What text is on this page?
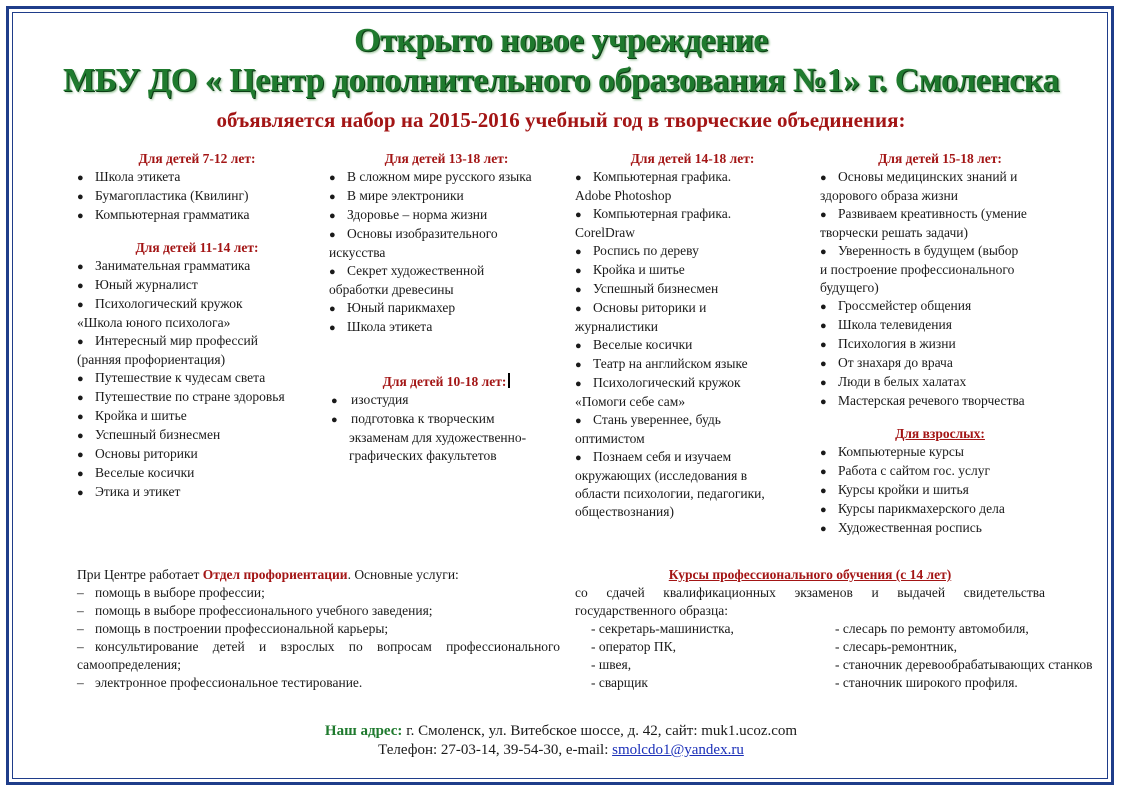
Открыто новое учреждение
МБУ ДО « Центр дополнительного образования №1» г. Смоленска
объявляется набор на 2015-2016 учебный год в творческие объединения:
Для детей 7-12 лет:
● Школа этикета
● Бумагопластика (Квилинг)
● Компьютерная грамматика
Для детей 11-14 лет:
● Занимательная грамматика
● Юный журналист
● Психологический кружок
«Школа юного психолога»
● Интересный мир профессий
(ранняя профориентация)
● Путешествие к чудесам света
● Путешествие по стране здоровья
● Кройка и шитье
● Успешный бизнесмен
● Основы риторики
● Веселые косички
● Этика и этикет
Для детей 13-18 лет:
● В сложном мире русского языка
● В мире электроники
● Здоровье – норма жизни
● Основы изобразительного
искусства
● Секрет художественной
обработки древесины
● Юный парикмахер
● Школа этикета
Для детей 10-18 лет:
● изостудия
● подготовка к творческим
экзаменам для художественно-
графических факультетов
Для детей 14-18 лет:
● Компьютерная графика.
Adobe Photoshop
● Компьютерная графика.
CorelDraw
● Роспись по дереву
● Кройка и шитье
● Успешный бизнесмен
● Основы риторики и
журналистики
● Веселые косички
● Театр на английском языке
● Психологический кружок
«Помоги себе сам»
● Стань увереннее, будь
оптимистом
● Познаем себя и изучаем
окружающих (исследования в
области психологии, педагогики,
обществознания)
Для детей 15-18 лет:
● Основы медицинских знаний и
здорового образа жизни
● Развиваем креативность (умение
творчески решать задачи)
● Уверенность в будущем (выбор
и построение профессионального
будущего)
● Гроссмейстер общения
● Школа телевидения
● Психология в жизни
● От знахаря до врача
● Люди в белых халатах
● Мастерская речевого творчества
Для взрослых:
● Компьютерные курсы
● Работа с сайтом гос. услуг
● Курсы кройки и шитья
● Курсы парикмахерского дела
● Художественная роспись
При Центре работает Отдел профориентации. Основные услуги:
– помощь в выборе профессии;
– помощь в выборе профессионального учебного заведения;
– помощь в построении профессиональной карьеры;
– консультирование детей и взрослых по вопросам профессионального
самоопределения;
– электронное профессиональное тестирование.
Курсы профессионального обучения (с 14 лет)
со сдачей квалификационных экзаменов и выдачей свидетельства
государственного образца:
- секретарь-машинистка,
- оператор ПК,
- швея,
- сварщик
- слесарь по ремонту автомобиля,
- слесарь-ремонтник,
- станочник деревообрабатывающих станков
- станочник широкого профиля.
Наш адрес: г. Смоленск, ул. Витебское шоссе, д. 42, сайт: muk1.ucoz.com
Телефон: 27-03-14, 39-54-30, e-mail: smolcdo1@yandex.ru
